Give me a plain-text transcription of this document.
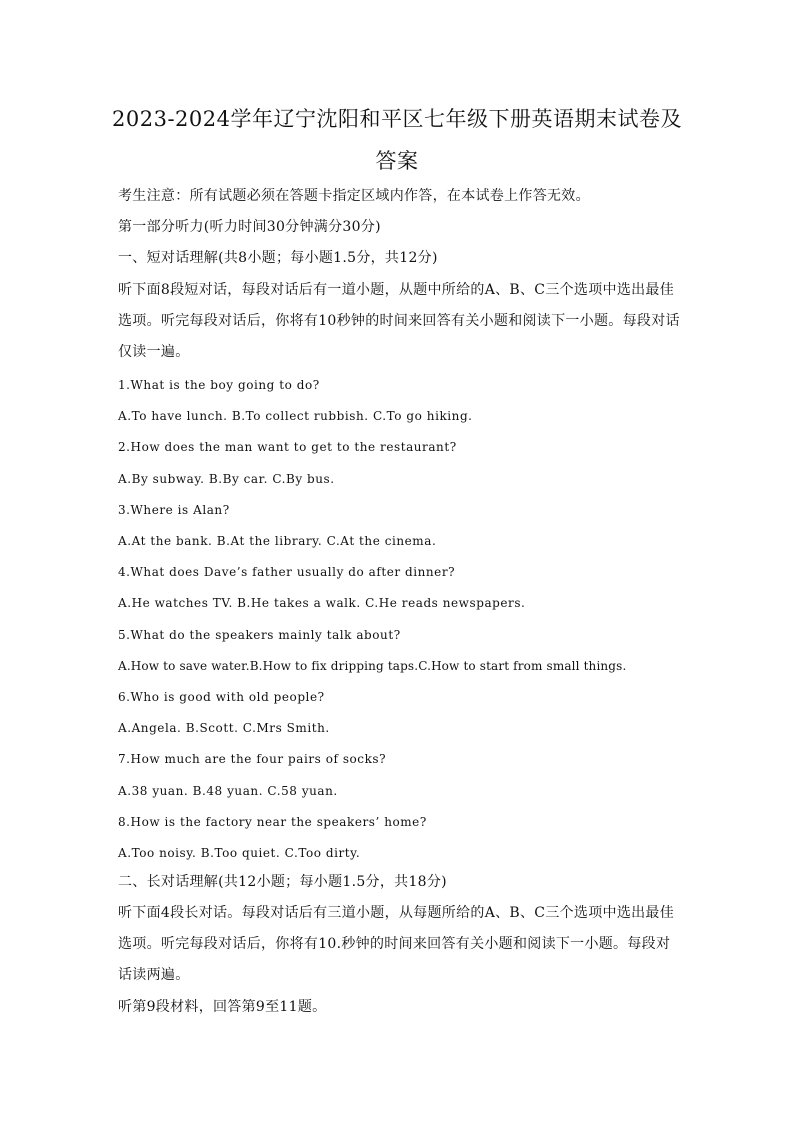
2023-2024学年辽宁沈阳和平区七年级下册英语期末试卷及
答案
考生注意：所有试题必须在答题卡指定区域内作答，在本试卷上作答无效。
第一部分听力(听力时间30分钟满分30分)
一、短对话理解(共8小题；每小题1.5分，共12分)
听下面8段短对话，每段对话后有一道小题，从题中所给的A、B、C三个选项中选出最佳
选项。听完每段对话后，你将有10秒钟的时间来回答有关小题和阅读下一小题。每段对话
仅读一遍。
1.What is the boy going to do?
A.To have lunch. B.To collect rubbish. C.To go hiking.
2.How does the man want to get to the restaurant?
A.By subway. B.By car. C.By bus.
3.Where is Alan?
A.At the bank. B.At the library. C.At the cinema.
4.What does Dave’s father usually do after dinner?
A.He watches TV. B.He takes a walk. C.He reads newspapers.
5.What do the speakers mainly talk about?
A.How to save water.B.How to fix dripping taps.C.How to start from small things.
6.Who is good with old people?
A.Angela. B.Scott. C.Mrs Smith.
7.How much are the four pairs of socks?
A.38 yuan. B.48 yuan. C.58 yuan.
8.How is the factory near the speakers’ home?
A.Too noisy. B.Too quiet. C.Too dirty.
二、长对话理解(共12小题；每小题1.5分，共18分)
听下面4段长对话。每段对话后有三道小题，从每题所给的A、B、C三个选项中选出最佳
选项。听完每段对话后，你将有10.秒钟的时间来回答有关小题和阅读下一小题。每段对
话读两遍。
听第9段材料，回答第9至11题。
